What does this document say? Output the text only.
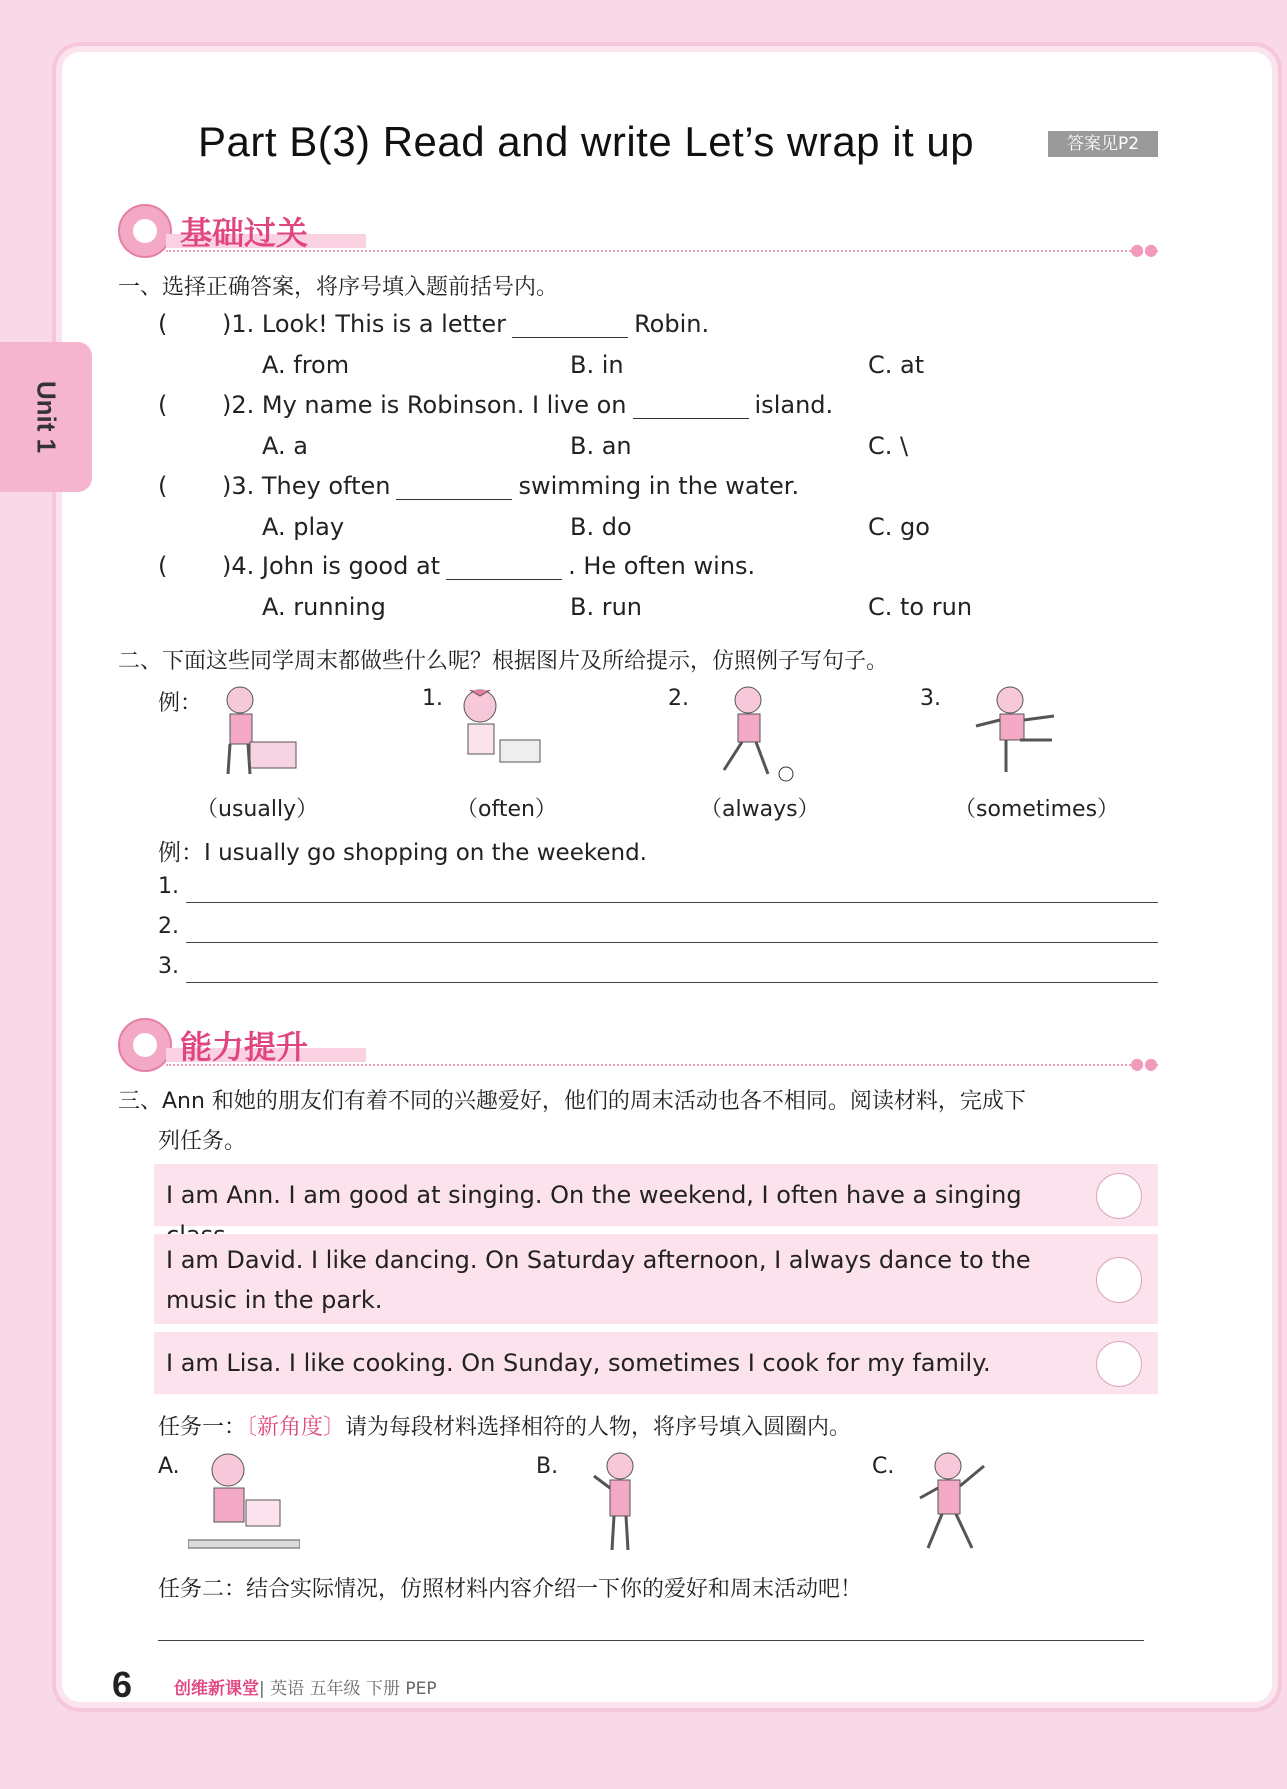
Unit 1
Part B(3) Read and write Let’s wrap it up	答案见P2
基础过关	●●
一、选择正确答案，将序号填入题前括号内。
( )1. Look! This is a letter	Robin.
A. from	B. in	C. at
( )2. My name is Robinson. I live on	island.
A. a	B. an	C. \
( )3. They often	swimming in the water.
A. play	B. do	C. go
( )4. John is good at	. He often wins.
A. running	B. run	C. to run
二、下面这些同学周末都做些什么呢？根据图片及所给提示，仿照例子写句子。
例：
（usually）
1.
（often）
2.
（always）
3.
（sometimes）
例：I usually go shopping on the weekend.
1.
2.
3.
能力提升	●●
三、Ann 和她的朋友们有着不同的兴趣爱好，他们的周末活动也各不相同。阅读材料，完成下
列任务。
I am Ann. I am good at singing. On the weekend, I often have a singing
I am David. I like dancing. On Saturday afternoon, I always dance to the music in the park.
I am Lisa. I like cooking. On Sunday, sometimes I cook for my family.
任务一：〔新角度〕请为每段材料选择相符的人物，将序号填入圆圈内。
A.	B.	C.
任务二：结合实际情况，仿照材料内容介绍一下你的爱好和周末活动吧！
6 创维新课堂| 英语 五年级 下册 PEP
